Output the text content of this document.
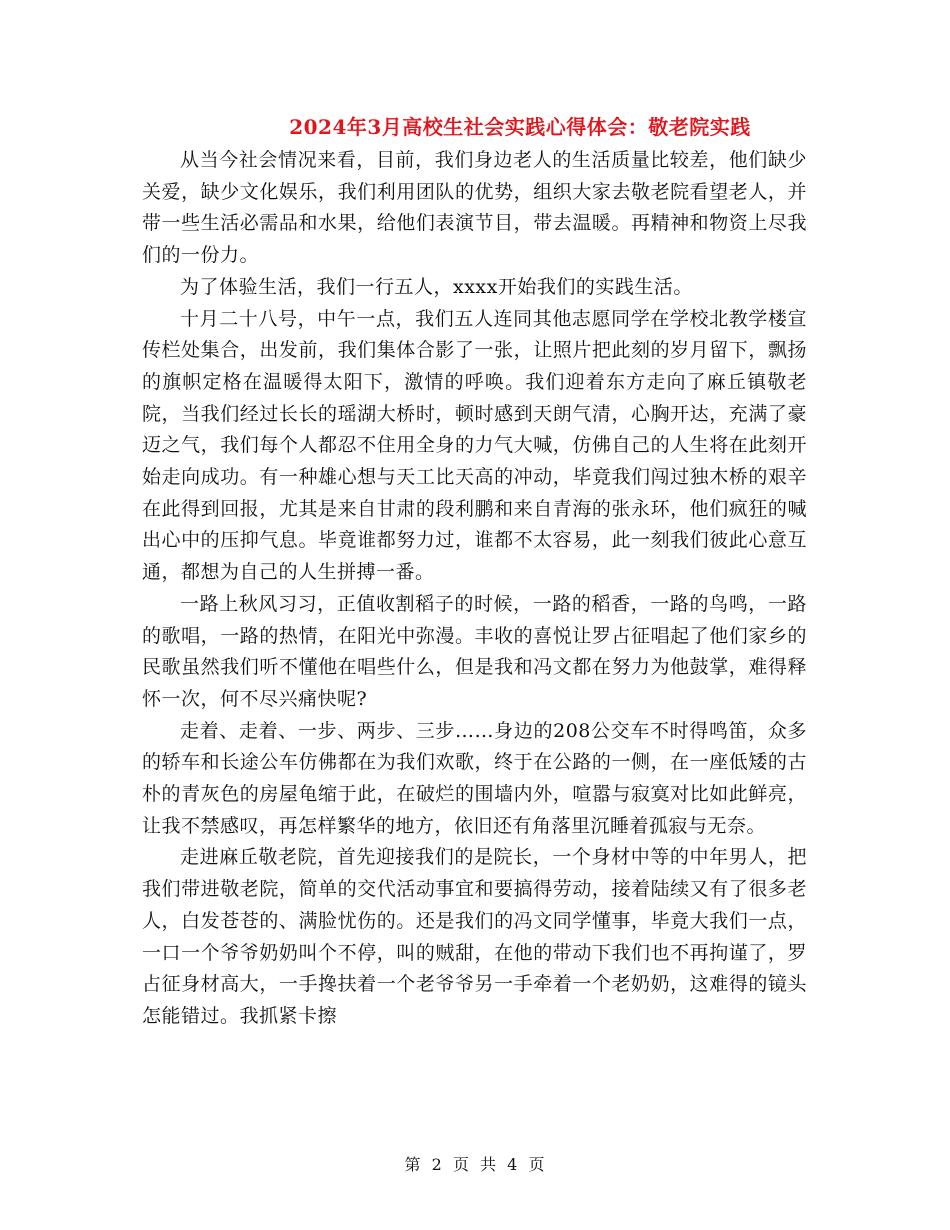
2024年3月高校生社会实践心得体会：敬老院实践

从当今社会情况来看，目前，我们身边老人的生活质量比较差，他们缺少关爱，缺少文化娱乐，我们利用团队的优势，组织大家去敬老院看望老人，并带一些生活必需品和水果，给他们表演节目，带去温暖。再精神和物资上尽我们的一份力。

为了体验生活，我们一行五人，xxxx开始我们的实践生活。

十月二十八号，中午一点，我们五人连同其他志愿同学在学校北教学楼宣传栏处集合，出发前，我们集体合影了一张，让照片把此刻的岁月留下，飘扬的旗帜定格在温暖得太阳下，激情的呼唤。我们迎着东方走向了麻丘镇敬老院，当我们经过长长的瑶湖大桥时，顿时感到天朗气清，心胸开达，充满了豪迈之气，我们每个人都忍不住用全身的力气大喊，仿佛自己的人生将在此刻开始走向成功。有一种雄心想与天工比天高的冲动，毕竟我们闯过独木桥的艰辛在此得到回报，尤其是来自甘肃的段利鹏和来自青海的张永环，他们疯狂的喊出心中的压抑气息。毕竟谁都努力过，谁都不太容易，此一刻我们彼此心意互通，都想为自己的人生拼搏一番。

一路上秋风习习，正值收割稻子的时候，一路的稻香，一路的鸟鸣，一路的歌唱，一路的热情，在阳光中弥漫。丰收的喜悦让罗占征唱起了他们家乡的民歌虽然我们听不懂他在唱些什么，但是我和冯文都在努力为他鼓掌，难得释怀一次，何不尽兴痛快呢?

走着、走着、一步、两步、三步……身边的208公交车不时得鸣笛，众多的轿车和长途公车仿佛都在为我们欢歌，终于在公路的一侧，在一座低矮的古朴的青灰色的房屋龟缩于此，在破烂的围墙内外，喧嚣与寂寞对比如此鲜亮，让我不禁感叹，再怎样繁华的地方，依旧还有角落里沉睡着孤寂与无奈。

走进麻丘敬老院，首先迎接我们的是院长，一个身材中等的中年男人，把我们带进敬老院，简单的交代活动事宜和要搞得劳动，接着陆续又有了很多老人，白发苍苍的、满脸忧伤的。还是我们的冯文同学懂事，毕竟大我们一点，一口一个爷爷奶奶叫个不停，叫的贼甜，在他的带动下我们也不再拘谨了，罗占征身材高大，一手搀扶着一个老爷爷另一手牵着一个老奶奶，这难得的镜头怎能错过。我抓紧卡擦

第 2 页 共 4 页
